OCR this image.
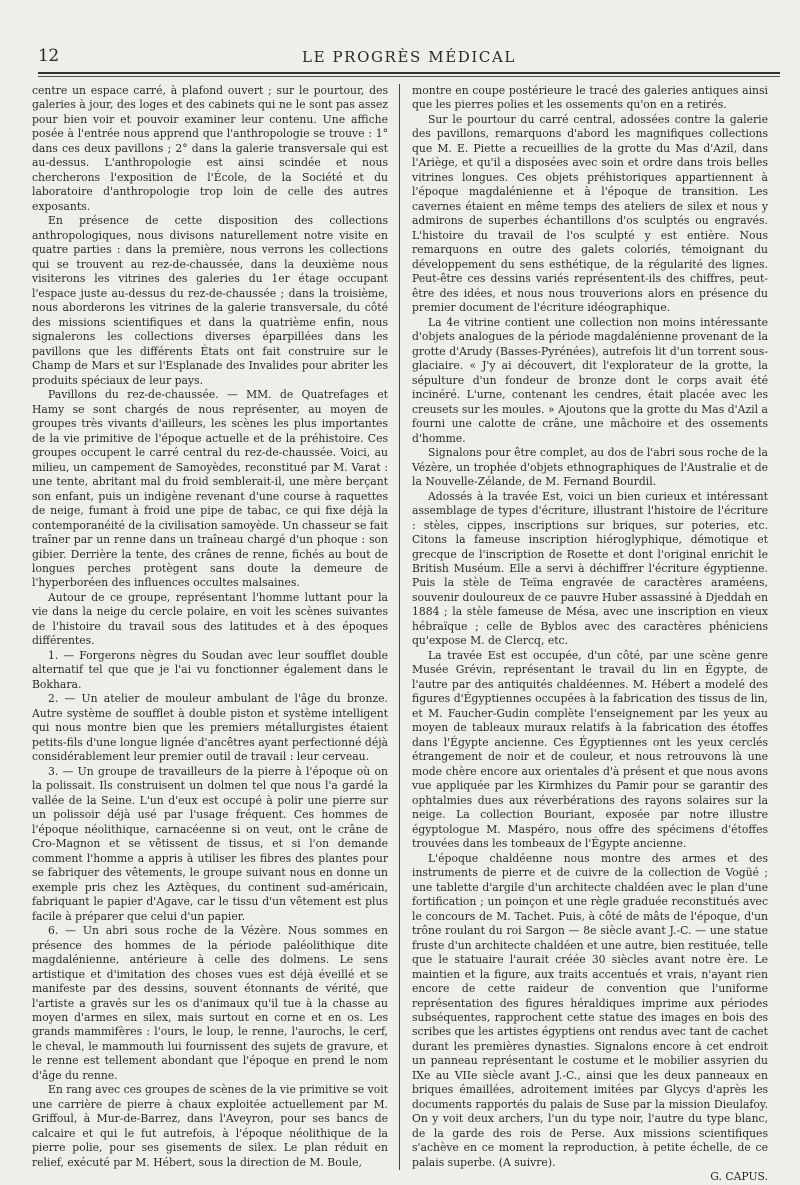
12	LE PROGRÈS MÉDICAL

centre un espace carré, à plafond ouvert ; sur le pourtour, des galeries à jour, des loges et des cabinets qui ne le sont pas assez pour bien voir et pouvoir examiner leur contenu. Une affiche posée à l'entrée nous apprend que l'anthropologie se trouve : 1° dans ces deux pavillons ; 2° dans la galerie transversale qui est au-dessus. L'anthropologie est ainsi scindée et nous chercherons l'exposition de l'École, de la Société et du laboratoire d'anthropologie trop loin de celle des autres exposants.

En présence de cette disposition des collections anthropologiques, nous divisons naturellement notre visite en quatre parties : dans la première, nous verrons les collections qui se trouvent au rez-de-chaussée, dans la deuxième nous visiterons les vitrines des galeries du 1er étage occupant l'espace juste au-dessus du rez-de-chaussée ; dans la troisième, nous aborderons les vitrines de la galerie transversale, du côté des missions scientifiques et dans la quatrième enfin, nous signalerons les collections diverses éparpillées dans les pavillons que les différents États ont fait construire sur le Champ de Mars et sur l'Esplanade des Invalides pour abriter les produits spéciaux de leur pays.

Pavillons du rez-de-chaussée. — MM. de Quatrefages et Hamy se sont chargés de nous représenter, au moyen de groupes très vivants d'ailleurs, les scènes les plus importantes de la vie primitive de l'époque actuelle et de la préhistoire. Ces groupes occupent le carré central du rez-de-chaussée. Voici, au milieu, un campement de Samoyèdes, reconstitué par M. Varat : une tente, abritant mal du froid semblerait-il, une mère berçant son enfant, puis un indigène revenant d'une course à raquettes de neige, fumant à froid une pipe de tabac, ce qui fixe déjà la contemporanéité de la civilisation samoyède. Un chasseur se fait traîner par un renne dans un traîneau chargé d'un phoque : son gibier. Derrière la tente, des crânes de renne, fichés au bout de longues perches protègent sans doute la demeure de l'hyperboréen des influences occultes malsaines.

Autour de ce groupe, représentant l'homme luttant pour la vie dans la neige du cercle polaire, en voit les scènes suivantes de l'histoire du travail sous des latitudes et à des époques différentes.

1. — Forgerons nègres du Soudan avec leur soufflet double alternatif tel que que je l'ai vu fonctionner également dans le Bokhara.

2. — Un atelier de mouleur ambulant de l'âge du bronze. Autre système de soufflet à double piston et système intelligent qui nous montre bien que les premiers métallurgistes étaient petits-fils d'une longue lignée d'ancêtres ayant perfectionné déjà considérablement leur premier outil de travail : leur cerveau.

3. — Un groupe de travailleurs de la pierre à l'époque où on la polissait. Ils construisent un dolmen tel que nous l'a gardé la vallée de la Seine. L'un d'eux est occupé à polir une pierre sur un polissoir déjà usé par l'usage fréquent. Ces hommes de l'époque néolithique, carnacéenne si on veut, ont le crâne de Cro-Magnon et se vêtissent de tissus, et si l'on demande comment l'homme a appris à utiliser les fibres des plantes pour se fabriquer des vêtements, le groupe suivant nous en donne un exemple pris chez les Aztèques, du continent sud-américain, fabriquant le papier d'Agave, car le tissu d'un vêtement est plus facile à préparer que celui d'un papier.

6. — Un abri sous roche de la Vézère. Nous sommes en présence des hommes de la période paléolithique dite magdalénienne, antérieure à celle des dolmens. Le sens artistique et d'imitation des choses vues est déjà éveillé et se manifeste par des dessins, souvent étonnants de vérité, que l'artiste a gravés sur les os d'animaux qu'il tue à la chasse au moyen d'armes en silex, mais surtout en corne et en os. Les grands mammifères : l'ours, le loup, le renne, l'aurochs, le cerf, le cheval, le mammouth lui fournissent des sujets de gravure, et le renne est tellement abondant que l'époque en prend le nom d'âge du renne.

En rang avec ces groupes de scènes de la vie primitive se voit une carrière de pierre à chaux exploitée actuellement par M. Griffoul, à Mur-de-Barrez, dans l'Aveyron, pour ses bancs de calcaire et qui le fut autrefois, à l'époque néolithique de la pierre polie, pour ses gisements de silex. Le plan réduit en relief, exécuté par M. Hébert, sous la direction de M. Boule,

montre en coupe postérieure le tracé des galeries antiques ainsi que les pierres polies et les ossements qu'on en a retirés.

Sur le pourtour du carré central, adossées contre la galerie des pavillons, remarquons d'abord les magnifiques collections que M. E. Piette a recueillies de la grotte du Mas d'Azil, dans l'Ariège, et qu'il a disposées avec soin et ordre dans trois belles vitrines longues. Ces objets préhistoriques appartiennent à l'époque magdalénienne et à l'époque de transition. Les cavernes étaient en même temps des ateliers de silex et nous y admirons de superbes échantillons d'os sculptés ou engravés. L'histoire du travail de l'os sculpté y est entière. Nous remarquons en outre des galets coloriés, témoignant du développement du sens esthétique, de la régularité des lignes. Peut-être ces dessins variés représentent-ils des chiffres, peut-être des idées, et nous nous trouverions alors en présence du premier document de l'écriture idéographique.

La 4e vitrine contient une collection non moins intéressante d'objets analogues de la période magdalénienne provenant de la grotte d'Arudy (Basses-Pyrénées), autrefois lit d'un torrent sous-glaciaire. « J'y ai découvert, dit l'explorateur de la grotte, la sépulture d'un fondeur de bronze dont le corps avait été incinéré. L'urne, contenant les cendres, était placée avec les creusets sur les moules. » Ajoutons que la grotte du Mas d'Azil a fourni une calotte de crâne, une mâchoire et des ossements d'homme.

Signalons pour être complet, au dos de l'abri sous roche de la Vézère, un trophée d'objets ethnographiques de l'Australie et de la Nouvelle-Zélande, de M. Fernand Bourdil.

Adossés à la travée Est, voici un bien curieux et intéressant assemblage de types d'écriture, illustrant l'histoire de l'écriture : stèles, cippes, inscriptions sur briques, sur poteries, etc. Citons la fameuse inscription hiéroglyphique, démotique et grecque de l'inscription de Rosette et dont l'original enrichit le British Muséum. Elle a servi à déchiffrer l'écriture égyptienne. Puis la stèle de Teïma engravée de caractères araméens, souvenir douloureux de ce pauvre Huber assassiné à Djeddah en 1884 ; la stèle fameuse de Mésa, avec une inscription en vieux hébraïque ; celle de Byblos avec des caractères phéniciens qu'expose M. de Clercq, etc.

La travée Est est occupée, d'un côté, par une scène genre Musée Grévin, représentant le travail du lin en Égypte, de l'autre par des antiquités chaldéennes. M. Hébert a modelé des figures d'Égyptiennes occupées à la fabrication des tissus de lin, et M. Faucher-Gudin complète l'enseignement par les yeux au moyen de tableaux muraux relatifs à la fabrication des étoffes dans l'Égypte ancienne. Ces Égyptiennes ont les yeux cerclés étrangement de noir et de couleur, et nous retrouvons là une mode chère encore aux orientales d'à présent et que nous avons vue appliquée par les Kirmhizes du Pamir pour se garantir des ophtalmies dues aux réverbérations des rayons solaires sur la neige. La collection Bouriant, exposée par notre illustre égyptologue M. Maspéro, nous offre des spécimens d'étoffes trouvées dans les tombeaux de l'Égypte ancienne.

L'époque chaldéenne nous montre des armes et des instruments de pierre et de cuivre de la collection de Vogüé ; une tablette d'argile d'un architecte chaldéen avec le plan d'une fortification ; un poinçon et une règle graduée reconstitués avec le concours de M. Tachet. Puis, à côté de mâts de l'époque, d'un trône roulant du roi Sargon — 8e siècle avant J.-C. — une statue fruste d'un architecte chaldéen et une autre, bien restituée, telle que le statuaire l'aurait créée 30 siècles avant notre ère. Le maintien et la figure, aux traits accentués et vrais, n'ayant rien encore de cette raideur de convention que l'uniforme représentation des figures héraldiques imprime aux périodes subséquentes, rapprochent cette statue des images en bois des scribes que les artistes égyptiens ont rendus avec tant de cachet durant les premières dynasties. Signalons encore à cet endroit un panneau représentant le costume et le mobilier assyrien du IXe au VIIe siècle avant J.-C., ainsi que les deux panneaux en briques émaillées, adroitement imitées par Glycys d'après les documents rapportés du palais de Suse par la mission Dieulafoy. On y voit deux archers, l'un du type noir, l'autre du type blanc, de la garde des rois de Perse. Aux missions scientifiques s'achève en ce moment la reproduction, à petite échelle, de ce palais superbe. (A suivre).

G. CAPUS.
